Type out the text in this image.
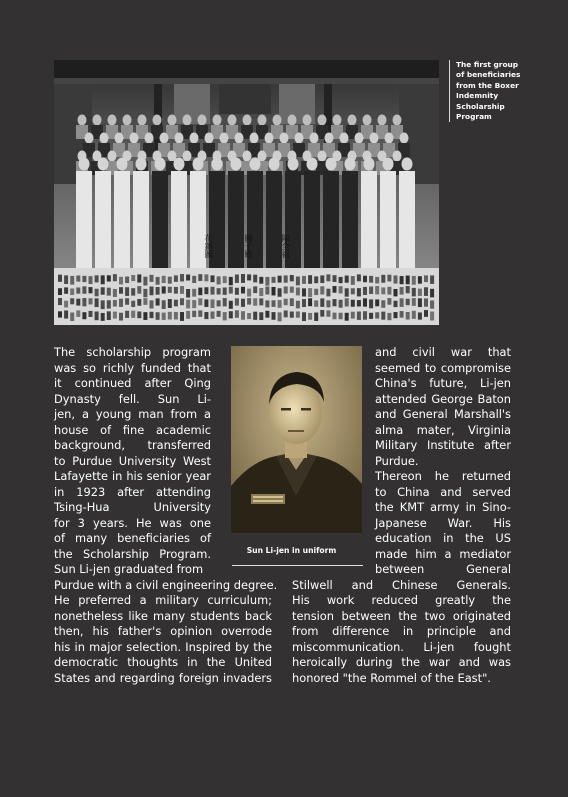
花錦圖	關子殿	陳全福
The first group
of beneficiaries
from the Boxer
Indemnity
Scholarship
Program
Sun Li-jen in uniform
The scholarship program
was so richly funded that
it continued after Qing
Dynasty fell. Sun Li-
jen, a young man from a
house of fine academic
background, transferred
to Purdue University West
Lafayette in his senior year
in 1923 after attending
Tsing-Hua University
for 3 years. He was one
of many beneficiaries of
the Scholarship Program.
Sun Li-jen graduated from
Purdue with a civil engineering degree.
He preferred a military curriculum;
nonetheless like many students back
then, his father's opinion overrode
his in major selection. Inspired by the
democratic thoughts in the United
States and regarding foreign invaders
and civil war that
seemed to compromise
China's future, Li-jen
attended George Baton
and General Marshall's
alma mater, Virginia
Military Institute after
Purdue.
Thereon he returned
to China and served
the KMT army in Sino-
Japanese War. His
education in the US
made him a mediator
between General
Stilwell and Chinese Generals.
His work reduced greatly the
tension between the two originated
from difference in principle and
miscommunication. Li-jen fought
heroically during the war and was
honored "the Rommel of the East".
